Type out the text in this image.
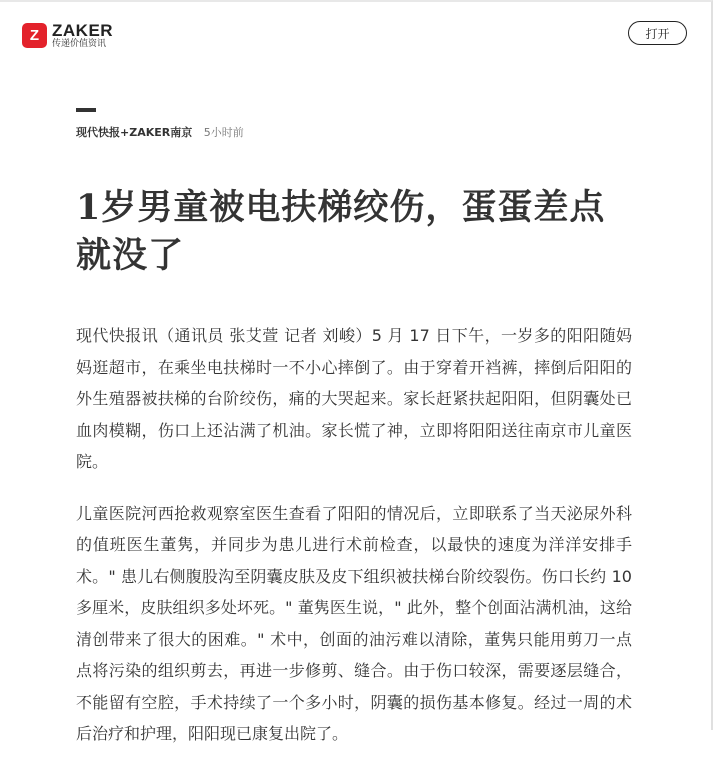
Z ZAKER
传递价值资讯
打开
现代快报+ZAKER南京 5小时前
1岁男童被电扶梯绞伤，蛋蛋差点就没了

现代快报讯（通讯员 张艾萱 记者 刘峻）5 月 17 日下午，一岁多的阳阳随妈妈逛超市，在乘坐电扶梯时一不小心摔倒了。由于穿着开裆裤，摔倒后阳阳的外生殖器被扶梯的台阶绞伤，痛的大哭起来。家长赶紧扶起阳阳，但阴囊处已血肉模糊，伤口上还沾满了机油。家长慌了神，立即将阳阳送往南京市儿童医院。

儿童医院河西抢救观察室医生查看了阳阳的情况后，立即联系了当天泌尿外科的值班医生董隽，并同步为患儿进行术前检查，以最快的速度为洋洋安排手术。" 患儿右侧腹股沟至阴囊皮肤及皮下组织被扶梯台阶绞裂伤。伤口长约 10 多厘米，皮肤组织多处坏死。" 董隽医生说，" 此外，整个创面沾满机油，这给清创带来了很大的困难。" 术中，创面的油污难以清除，董隽只能用剪刀一点点将污染的组织剪去，再进一步修剪、缝合。由于伤口较深，需要逐层缝合，不能留有空腔，手术持续了一个多小时，阴囊的损伤基本修复。经过一周的术后治疗和护理，阳阳现已康复出院了。
